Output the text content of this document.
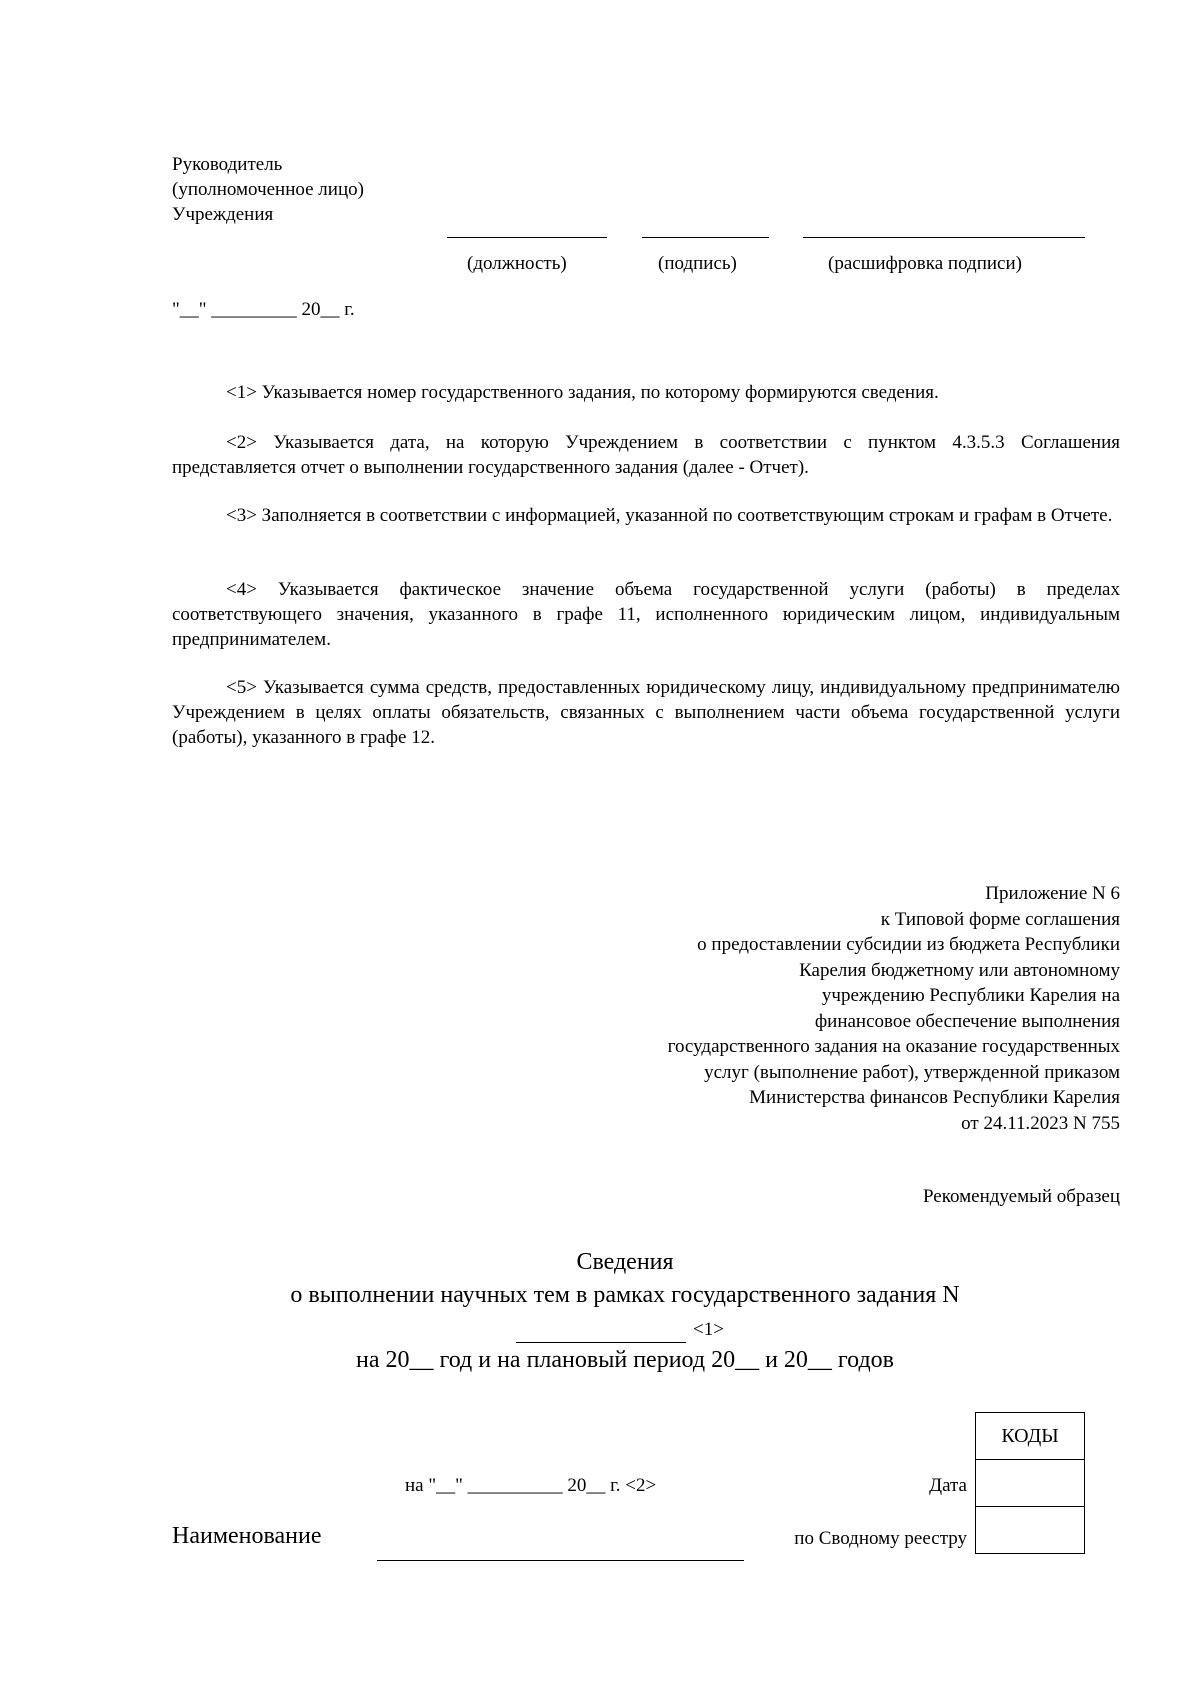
Руководитель
(уполномоченное лицо)
Учреждения
(должность)	(подпись)	(расшифровка подписи)
"__" _________ 20__ г.
<1> Указывается номер государственного задания, по которому формируются сведения.
<2> Указывается дата, на которую Учреждением в соответствии с пунктом 4.3.5.3 Соглашения представляется отчет о выполнении государственного задания (далее - Отчет).
<3> Заполняется в соответствии с информацией, указанной по соответствующим строкам и графам в Отчете.
<4> Указывается фактическое значение объема государственной услуги (работы) в пределах соответствующего значения, указанного в графе 11, исполненного юридическим лицом, индивидуальным предпринимателем.
<5> Указывается сумма средств, предоставленных юридическому лицу, индивидуальному предпринимателю Учреждением в целях оплаты обязательств, связанных с выполнением части объема государственной услуги (работы), указанного в графе 12.
Приложение N 6
к Типовой форме соглашения
о предоставлении субсидии из бюджета Республики
Карелия бюджетному или автономному
учреждению Республики Карелия на
финансовое обеспечение выполнения
государственного задания на оказание государственных
услуг (выполнение работ), утвержденной приказом
Министерства финансов Республики Карелия
от 24.11.2023 N 755
Рекомендуемый образец
Сведения
о выполнении научных тем в рамках государственного задания N
<1>
на 20__ год и на плановый период 20__ и 20__ годов
на "__" __________ 20__ г. <2>	Дата
Наименование	по Сводному реестру
КОДЫ
